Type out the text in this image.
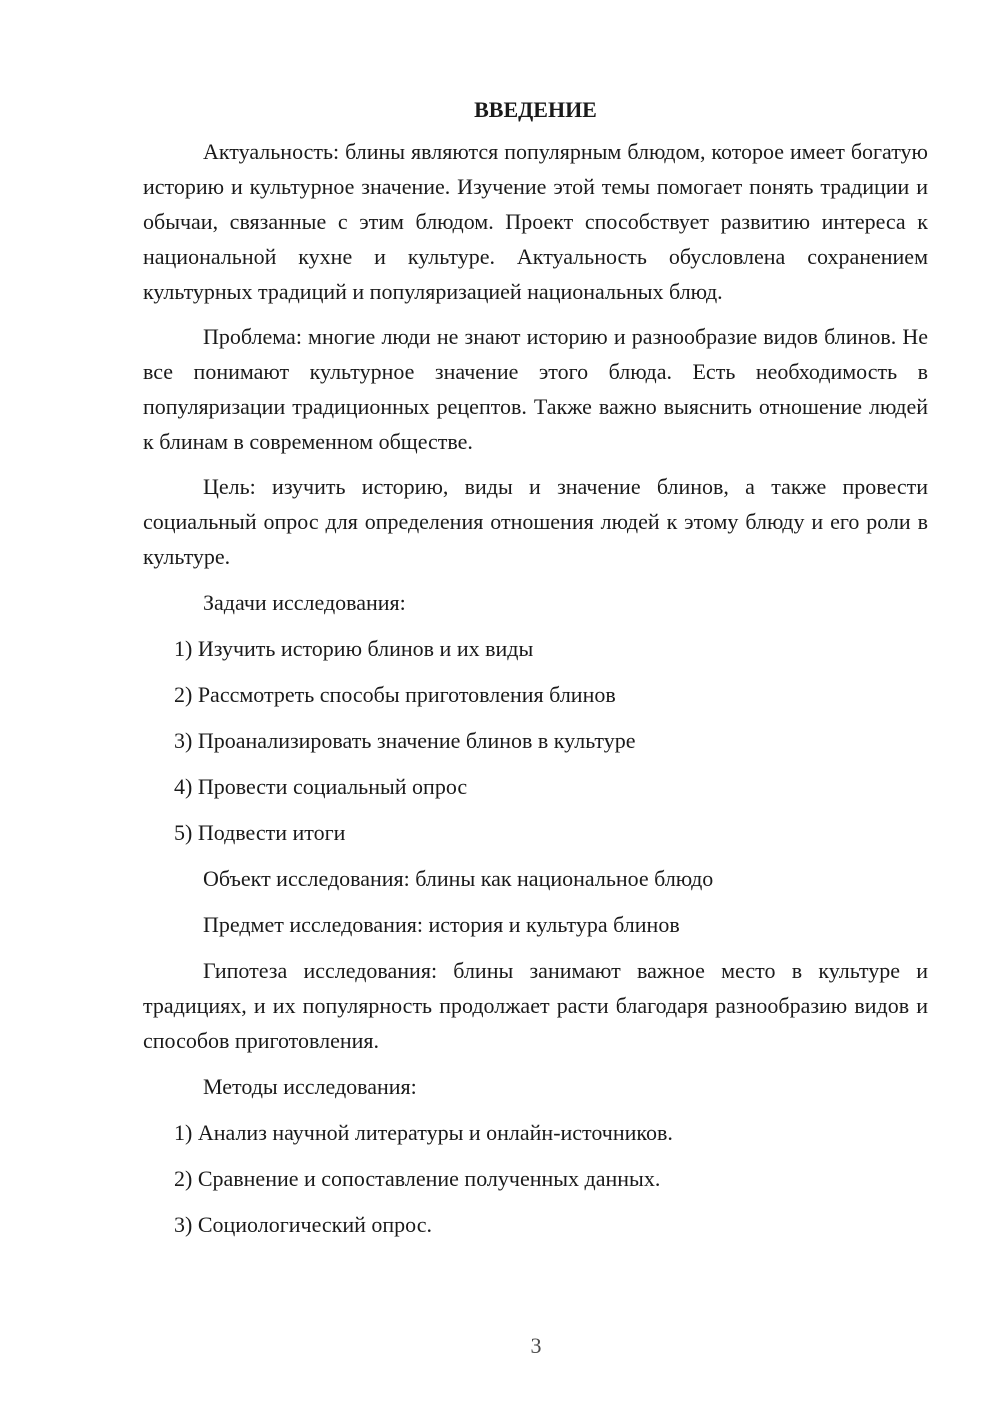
ВВЕДЕНИЕ

Актуальность: блины являются популярным блюдом, которое имеет богатую историю и культурное значение. Изучение этой темы помогает понять традиции и обычаи, связанные с этим блюдом. Проект способствует развитию интереса к национальной кухне и культуре. Актуальность обусловлена сохранением культурных традиций и популяризацией национальных блюд.

Проблема: многие люди не знают историю и разнообразие видов блинов. Не все понимают культурное значение этого блюда. Есть необходимость в популяризации традиционных рецептов. Также важно выяснить отношение людей к блинам в современном обществе.

Цель: изучить историю, виды и значение блинов, а также провести социальный опрос для определения отношения людей к этому блюду и его роли в культуре.

Задачи исследования:

1) Изучить историю блинов и их виды

2) Рассмотреть способы приготовления блинов

3) Проанализировать значение блинов в культуре

4) Провести социальный опрос

5) Подвести итоги

Объект исследования: блины как национальное блюдо

Предмет исследования: история и культура блинов

Гипотеза исследования: блины занимают важное место в культуре и традициях, и их популярность продолжает расти благодаря разнообразию видов и способов приготовления.

Методы исследования:

1) Анализ научной литературы и онлайн-источников.

2) Сравнение и сопоставление полученных данных.

3) Социологический опрос.

3
